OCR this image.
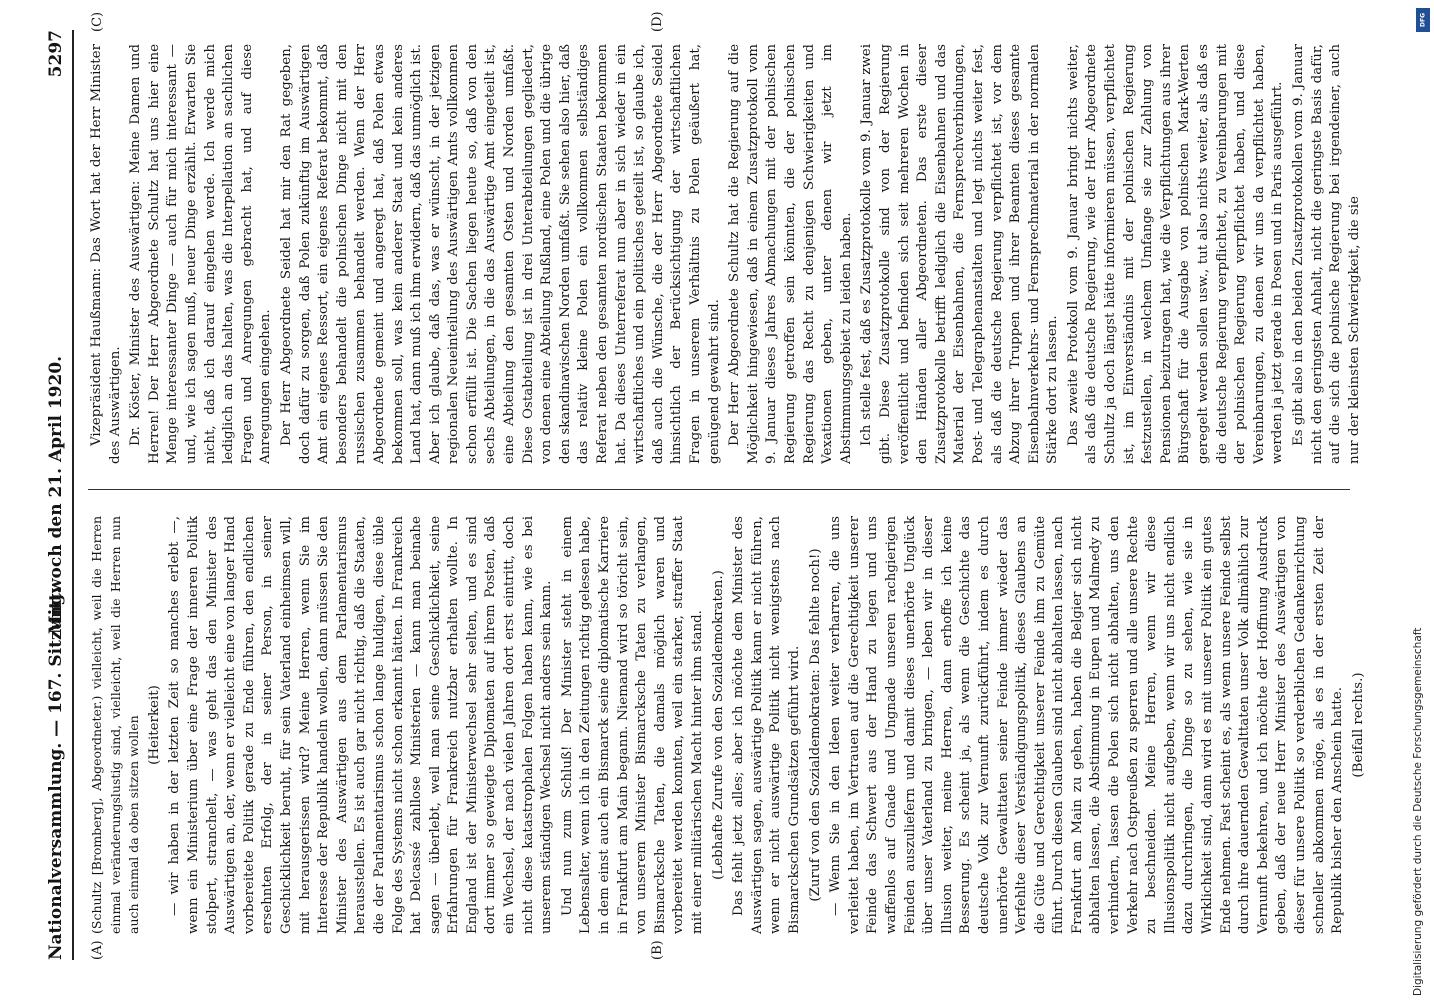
Nationalversammlung. — 167. Sitzung.
Mittwoch den 21. April 1920.
5297
(A)	(B)
(C)	(D)

(Schultz [Bromberg], Abgeordneter.) vielleicht, weil die Herren einmal veränderungslustig sind, vielleicht, weil die Herren nun auch einmal da oben sitzen wollen (Heiterkeit) — wir haben in der letzten Zeit so manches erlebt —, wenn ein Ministerium über eine Frage der inneren Politik stolpert, stranchelt, — was geht das den Minister des Auswärtigen an, der, wenn er vielleicht eine von langer Hand vorbereitete Politik gerade zu Ende führen, den endlichen ersehnten Erfolg, der in seiner Person, in seiner Geschicklichkeit beruht, für sein Vaterland einheimsen will, mit herausgerissen wird? Meine Herren, wenn Sie im Interesse der Republik handeln wollen, dann müssen Sie den Minister des Auswärtigen aus dem Parlamentarismus herausstellen. Es ist auch gar nicht richtig, daß die Staaten, die der Parlamentarismus schon lange huldigen, diese üble Folge des Systems nicht schon erkannt hätten. In Frankreich hat Delcassé zahllose Ministerien — kann man beinahe sagen — überlebt, weil man seine Geschicklichkeit, seine Erfahrungen für Frankreich nutzbar erhalten wollte. In England ist der Ministerwechsel sehr selten, und es sind dort immer so gewiegte Diplomaten auf ihrem Posten, daß ein Wechsel, der nach vielen Jahren dort erst eintritt, doch nicht diese katastrophalen Folgen haben kann, wie es bei unserem ständigen Wechsel nicht anders sein kann. Und nun zum Schluß! Der Minister steht in einem Lebensalter, wenn ich in den Zeitungen richtig gelesen habe, in dem einst auch ein Bismarck seine diplomatische Karriere in Frankfurt am Main begann. Niemand wird so töricht sein, von unserem Minister Bismarcksche Taten zu verlangen, Bismarcksche Taten, die damals möglich waren und vorbereitet werden konnten, weil ein starker, straffer Staat mit einer militärischen Macht hinter ihm stand. (Lebhafte Zurufe von den Sozialdemokraten.) Das fehlt jetzt alles; aber ich möchte dem Minister des Auswärtigen sagen, auswärtige Politik kann er nicht führen, wenn er nicht auswärtige Politik nicht wenigstens nach Bismarckschen Grundsätzen geführt wird. (Zuruf von den Sozialdemokraten: Das fehlte noch!) — Wenn Sie in den Ideen weiter verharren, die uns verleitet haben, im Vertrauen auf die Gerechtigkeit unserer Feinde das Schwert aus der Hand zu legen und uns waffenlos auf Gnade und Ungnade unseren rachgierigen Feinden auszuliefern und damit dieses unerhörte Unglück über unser Vaterland zu bringen, — leben wir in dieser Illusion weiter, meine Herren, dann erhoffe ich keine Besserung. Es scheint ja, als wenn die Geschichte das deutsche Volk zur Vernunft zurückführt, indem es durch unerhörte Gewalttaten seiner Feinde immer wieder das Verfehlte dieser Verständigungspolitik, dieses Glaubens an die Güte und Gerechtigkeit unserer Feinde ihm zu Gemüte führt. Durch diesen Glauben sind nicht abhalten lassen, nach Frankfurt am Main zu gehen, haben die Belgier sich nicht abhalten lassen, die Abstimmung in Eupen und Malmedy zu verhindern, lassen die Polen sich nicht abhalten, uns den Verkehr nach Ostpreußen zu sperren und alle unsere Rechte zu beschneiden. Meine Herren, wenn wir diese Illusionspolitik nicht aufgeben, wenn wir uns nicht endlich dazu durchringen, die Dinge so zu sehen, wie sie in Wirklichkeit sind, dann wird es mit unserer Politik ein gutes Ende nehmen. Fast scheint es, als wenn unsere Feinde selbst durch ihre dauernden Gewalttaten unser Volk allmählich zur Vernunft bekehren, und ich möchte der Hoffnung Ausdruck geben, daß der neue Herr Minister des Auswärtigen von dieser für unsere Politik so verderblichen Gedankenrichtung schneller abkommen möge, als es in der ersten Zeit der Republik bisher den Anschein hatte. (Beifall rechts.)

Vizepräsident Haußmann: Das Wort hat der Herr Minister des Auswärtigen. Dr. Köster, Minister des Auswärtigen: Meine Damen und Herren! Der Herr Abgeordnete Schultz hat uns hier eine Menge interessanter Dinge — auch für mich interessant — und, wie ich sagen muß, neuer Dinge erzählt. Erwarten Sie nicht, daß ich darauf eingehen werde. Ich werde mich lediglich an das halten, was die Interpellation an sachlichen Fragen und Anregungen gebracht hat, und auf diese Anregungen eingehen. Der Herr Abgeordnete Seidel hat mir den Rat gegeben, doch dafür zu sorgen, daß Polen zukünftig im Auswärtigen Amt ein eigenes Ressort, ein eigenes Referat bekommt, daß besonders behandelt die polnischen Dinge nicht mit den russischen zusammen behandelt werden. Wenn der Herr Abgeordnete gemeint und angeregt hat, daß Polen etwas bekommen soll, was kein anderer Staat und kein anderes Land hat, dann muß ich ihm erwidern, daß das unmöglich ist. Aber ich glaube, daß das, was er wünscht, in der jetzigen regionalen Neueinteilung des Auswärtigen Amts vollkommen schon erfüllt ist. Die Sachen liegen heute so, daß von den sechs Abteilungen, in die das Auswärtige Amt eingeteilt ist, eine Abteilung den gesamten Osten und Norden umfaßt. Diese Ostabteilung ist in drei Unterabteilungen gegliedert, von denen eine Abteilung Rußland, eine Polen und die übrige den skandinavischen Norden umfaßt. Sie sehen also hier, daß das relativ kleine Polen ein vollkommen selbständiges Referat neben den gesamten nordischen Staaten bekommen hat. Da dieses Unterreferat nun aber in sich wieder in ein wirtschaftliches und ein politisches geteilt ist, so glaube ich, daß auch die Wünsche, die der Herr Abgeordnete Seidel hinsichtlich der Berücksichtigung der wirtschaftlichen Fragen in unserem Verhältnis zu Polen geäußert hat, genügend gewahrt sind. Der Herr Abgeordnete Schultz hat die Regierung auf die Möglichkeit hingewiesen, daß in einem Zusatzprotokoll vom 9. Januar dieses Jahres Abmachungen mit der polnischen Regierung getroffen sein könnten, die der polnischen Regierung das Recht zu denjenigen Schwierigkeiten und Vexationen geben, unter denen wir jetzt im Abstimmungsgebiet zu leiden haben. Ich stelle fest, daß es Zusatzprotokolle vom 9. Januar zwei gibt. Diese Zusatzprotokolle sind von der Regierung veröffentlicht und befinden sich seit mehreren Wochen in den Händen aller Abgeordneten. Das erste dieser Zusatzprotokolle betrifft lediglich die Eisenbahnen und das Material der Eisenbahnen, die Fernsprechverbindungen, Post- und Telegraphenanstalten und legt nichts weiter fest, als daß die deutsche Regierung verpflichtet ist, vor dem Abzug ihrer Truppen und ihrer Beamten dieses gesamte Eisenbahnverkehrs- und Fernsprechmaterial in der normalen Stärke dort zu lassen. Das zweite Protokoll vom 9. Januar bringt nichts weiter, als daß die deutsche Regierung, wie der Herr Abgeordnete Schultz ja doch längst hätte informieren müssen, verpflichtet ist, im Einverständnis mit der polnischen Regierung festzustellen, in welchem Umfange sie zur Zahlung von Pensionen beizutragen hat, wie die Verpflichtungen aus ihrer Bürgschaft für die Ausgabe von polnischen Mark-Werten geregelt werden sollen usw., tut also nichts weiter, als daß es die deutsche Regierung verpflichtet, zu Vereinbarungen mit der polnischen Regierung verpflichtet haben, und diese Vereinbarungen, zu denen wir uns da verpflichtet haben, werden ja jetzt gerade in Posen und in Paris ausgeführt. Es gibt also in den beiden Zusatzprotokollen vom 9. Januar nicht den geringsten Anhalt, nicht die geringste Basis dafür, auf die sich die polnische Regierung bei irgendeiner, auch nur der kleinsten Schwierigkeit, die sie

DFG
Digitalisierung gefördert durch die Deutsche Forschungsgemeinschaft
